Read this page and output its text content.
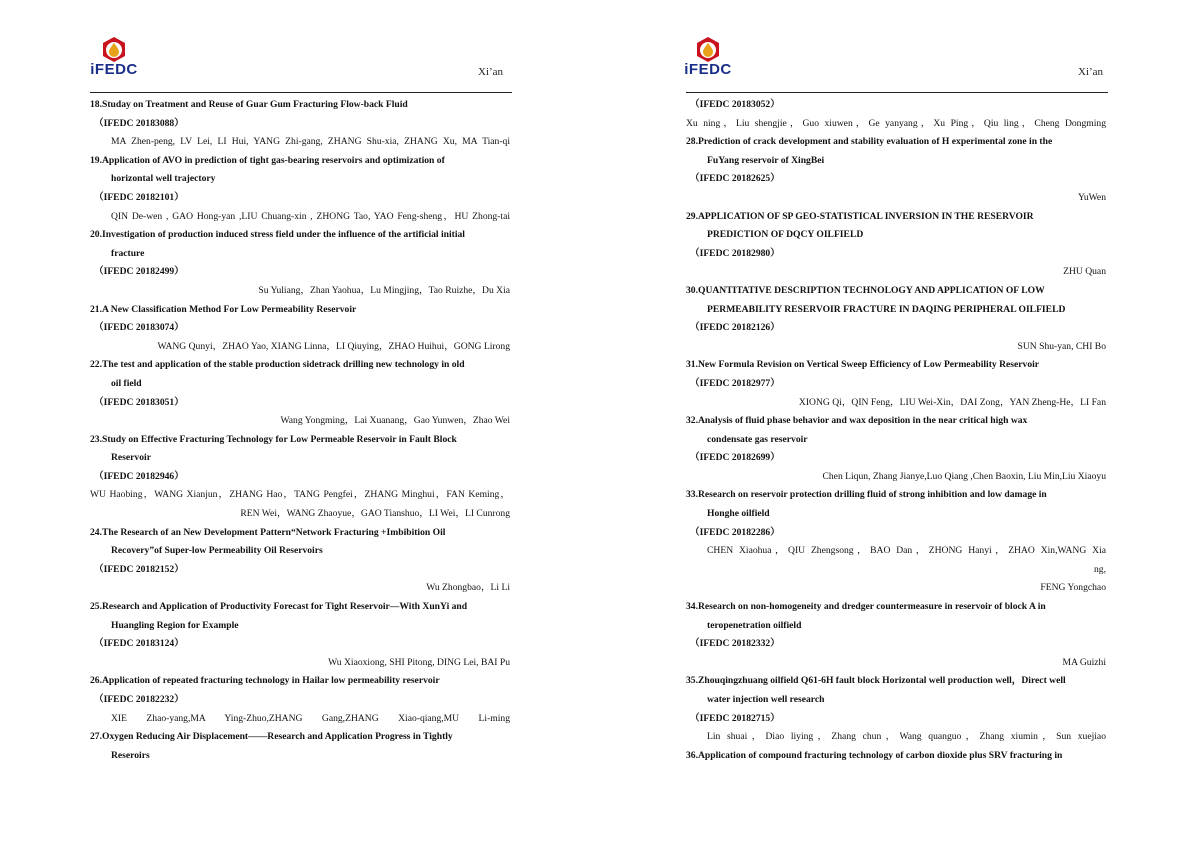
iFEDC	Xi’an
18.Studay on Treatment and Reuse of Guar Gum Fracturing Flow-back Fluid
（IFEDC 20183088）
MA Zhen-peng, LV Lei, LI Hui, YANG Zhi-gang, ZHANG Shu-xia, ZHANG Xu, MA Tian-qi
19.Application of AVO in prediction of tight gas-bearing reservoirs and optimization of
horizontal well trajectory
（IFEDC 20182101）
QIN De-wen , GAO Hong-yan ,LIU Chuang-xin , ZHONG Tao, YAO Feng-sheng，HU Zhong-tai
20.Investigation of production induced stress field under the influence of the artificial initial
fracture
（IFEDC 20182499）
Su Yuliang，Zhan Yaohua，Lu Mingjing，Tao Ruizhe，Du Xia
21.A New Classification Method For Low Permeability Reservoir
（IFEDC 20183074）
WANG Qunyi，ZHAO Yao, XIANG Linna，LI Qiuying，ZHAO Huihui，GONG Lirong
22.The test and application of the stable production sidetrack drilling new technology in old
oil field
（IFEDC 20183051）
Wang Yongming，Lai Xuanang，Gao Yunwen，Zhao Wei
23.Study on Effective Fracturing Technology for Low Permeable Reservoir in Fault Block
Reservoir
（IFEDC 20182946）
WU Haobing，WANG Xianjun，ZHANG Hao，TANG Pengfei，ZHANG Minghui，FAN Keming，
REN Wei，WANG Zhaoyue，GAO Tianshuo，LI Wei，LI Cunrong
24.The Research of an New Development Pattern“Network Fracturing +Imbibition Oil
Recovery”of Super-low Permeability Oil Reservoirs
（IFEDC 20182152）
Wu Zhongbao，Li Li
25.Research and Application of Productivity Forecast for Tight Reservoir—With XunYi and
Huangling Region for Example
（IFEDC 20183124）
Wu Xiaoxiong, SHI Pitong, DING Lei, BAI Pu
26.Application of repeated fracturing technology in Hailar low permeability reservoir
（IFEDC 20182232）
XIE Zhao-yang,MA Ying-Zhuo,ZHANG Gang,ZHANG Xiao-qiang,MU Li-ming
27.Oxygen Reducing Air Displacement——Research and Application Progress in Tightly
Reseroirs
iFEDC	Xi’an
（IFEDC 20183052）
Xu ning，Liu shengjie，Guo xiuwen，Ge yanyang，Xu Ping，Qiu ling，Cheng Dongming
28.Prediction of crack development and stability evaluation of H experimental zone in the
FuYang reservoir of XingBei
（IFEDC 20182625）
YuWen
29.APPLICATION OF SP GEO-STATISTICAL INVERSION IN THE RESERVOIR
PREDICTION OF DQCY OILFIELD
（IFEDC 20182980）
ZHU Quan
30.QUANTITATIVE DESCRIPTION TECHNOLOGY AND APPLICATION OF LOW
PERMEABILITY RESERVOIR FRACTURE IN DAQING PERIPHERAL OILFIELD
（IFEDC 20182126）
SUN Shu-yan, CHI Bo
31.New Formula Revision on Vertical Sweep Efficiency of Low Permeability Reservoir
（IFEDC 20182977）
XIONG Qi，QIN Feng，LIU Wei-Xin，DAI Zong，YAN Zheng-He，LI Fan
32.Analysis of fluid phase behavior and wax deposition in the near critical high wax
condensate gas reservoir
（IFEDC 20182699）
Chen Liqun, Zhang Jianye,Luo Qiang ,Chen Baoxin, Liu Min,Liu Xiaoyu
33.Research on reservoir protection drilling fluid of strong inhibition and low damage in
Honghe oilfield
（IFEDC 20182286）
CHEN Xiaohua，QIU Zhengsong，BAO Dan，ZHONG Hanyi，ZHAO Xin,WANG Xia
ng,
FENG Yongchao
34.Research on non-homogeneity and dredger countermeasure in reservoir of block A in
teropenetration oilfield
（IFEDC 20182332）
MA Guizhi
35.Zhouqingzhuang oilfield Q61-6H fault block Horizontal well production well，Direct well
water injection well research
（IFEDC 20182715）
Lin shuai，Diao liying，Zhang chun，Wang quanguo，Zhang xiumin，Sun xuejiao
36.Application of compound fracturing technology of carbon dioxide plus SRV fracturing in
